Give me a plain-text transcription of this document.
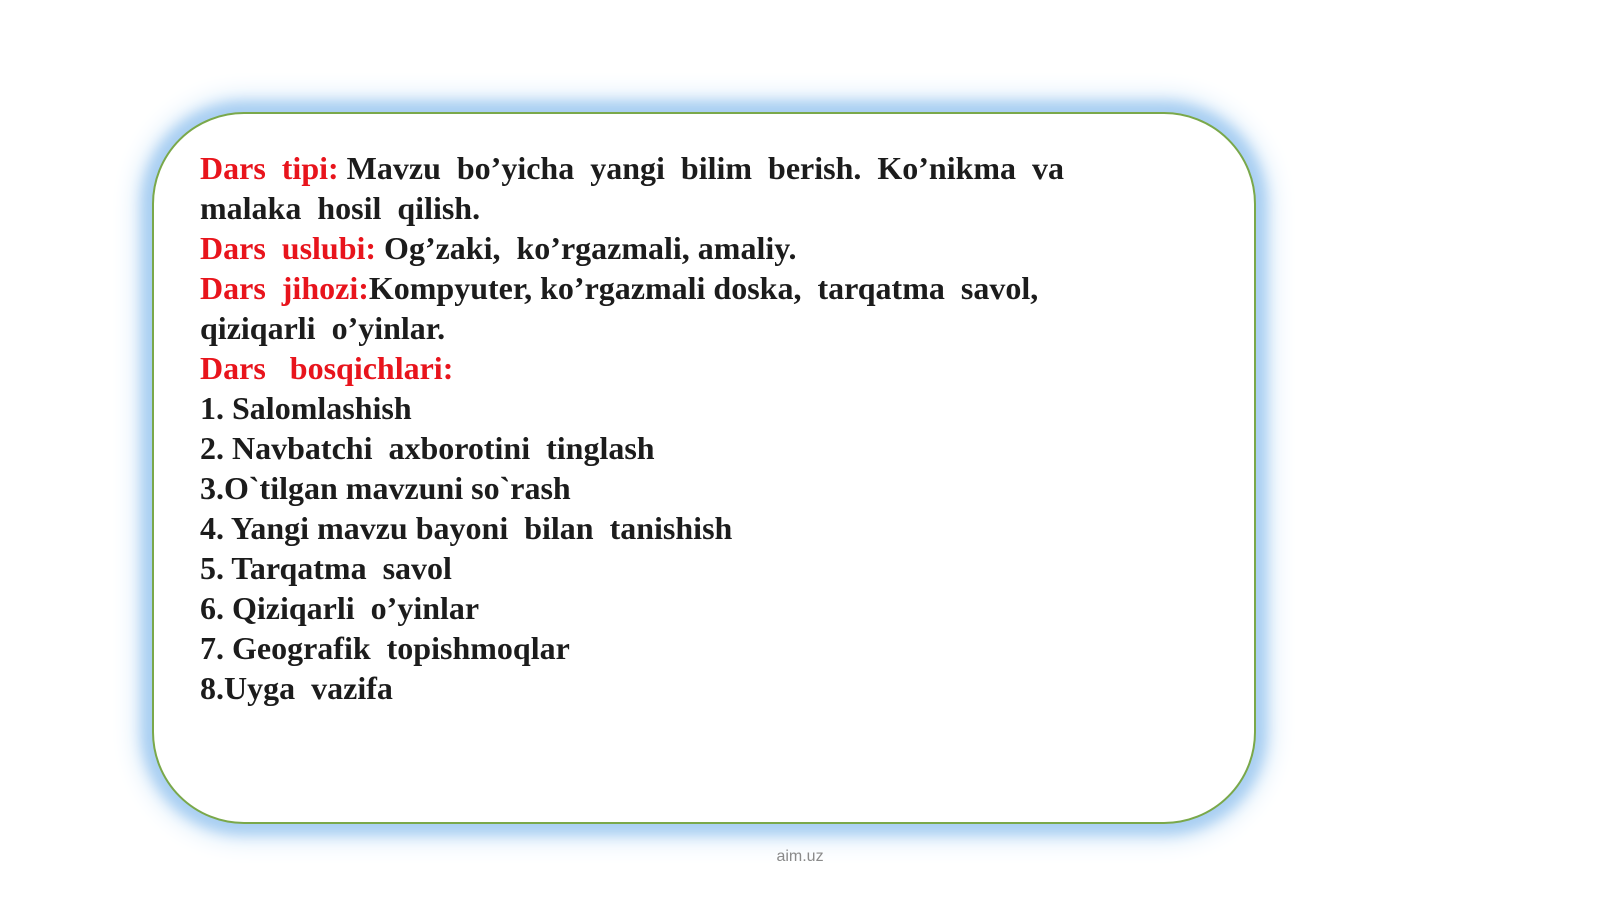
Dars  tipi: Mavzu  bo’yicha  yangi  bilim  berish.  Ko’nikma  va
malaka  hosil  qilish.
Dars  uslubi: Og’zaki,  ko’rgazmali, amaliy.
Dars  jihozi:Kompyuter, ko’rgazmali doska,  tarqatma  savol,
qiziqarli  o’yinlar.
Dars   bosqichlari:
1. Salomlashish
2. Navbatchi  axborotini  tinglash
3.O`tilgan mavzuni so`rash
4. Yangi mavzu bayoni  bilan  tanishish
5. Tarqatma  savol
6. Qiziqarli  o’yinlar
7. Geografik  topishmoqlar
8.Uyga  vazifa
aim.uz
